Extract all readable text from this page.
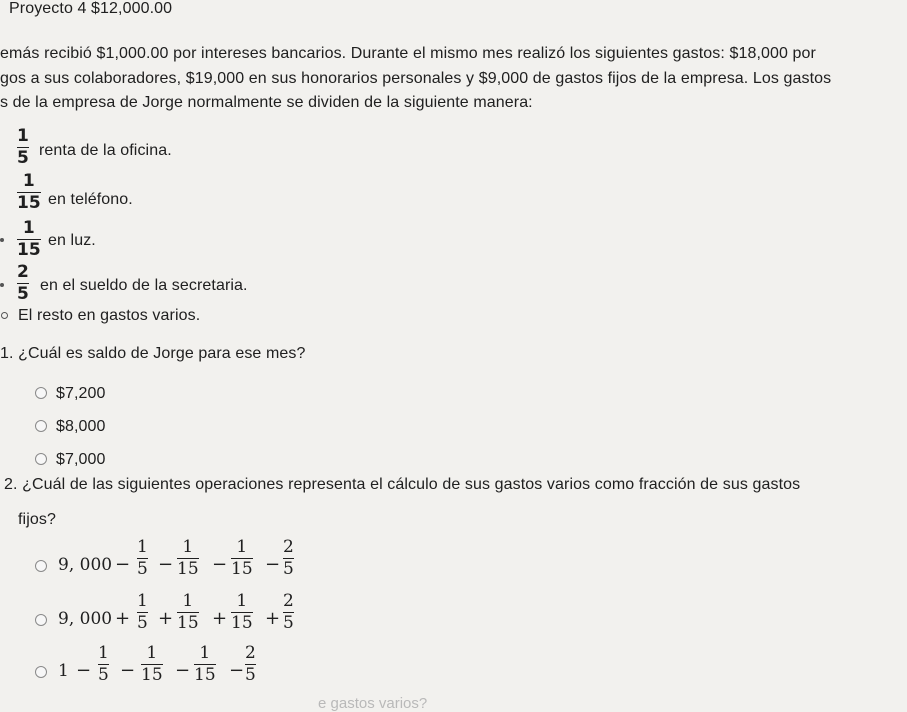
Proyecto 4 $12,000.00
emás recibió $1,000.00 por intereses bancarios. Durante el mismo mes realizó los siguientes gastos: $18,000 por
gos a sus colaboradores, $19,000 en sus honorarios personales y $9,000 de gastos fijos de la empresa. Los gastos
s de la empresa de Jorge normalmente se dividen de la siguiente manera:
1
5 renta de la oficina.
1
15 en teléfono.
1
15 en luz.
2
5 en el sueldo de la secretaria.
El resto en gastos varios.
1. ¿Cuál es saldo de Jorge para ese mes?
$7,200
$8,000
$7,000
2. ¿Cuál de las siguientes operaciones representa el cálculo de sus gastos varios como fracción de sus gastos
fijos?
9, 000 −
1
5 −
1
15 −
1
15 −
2
5
9, 000 +
1
5 +
1
15 +
1
15 +
2
5
1 −
1
5 −
1
15 −
1
15 −
2
5
e gastos varios?
